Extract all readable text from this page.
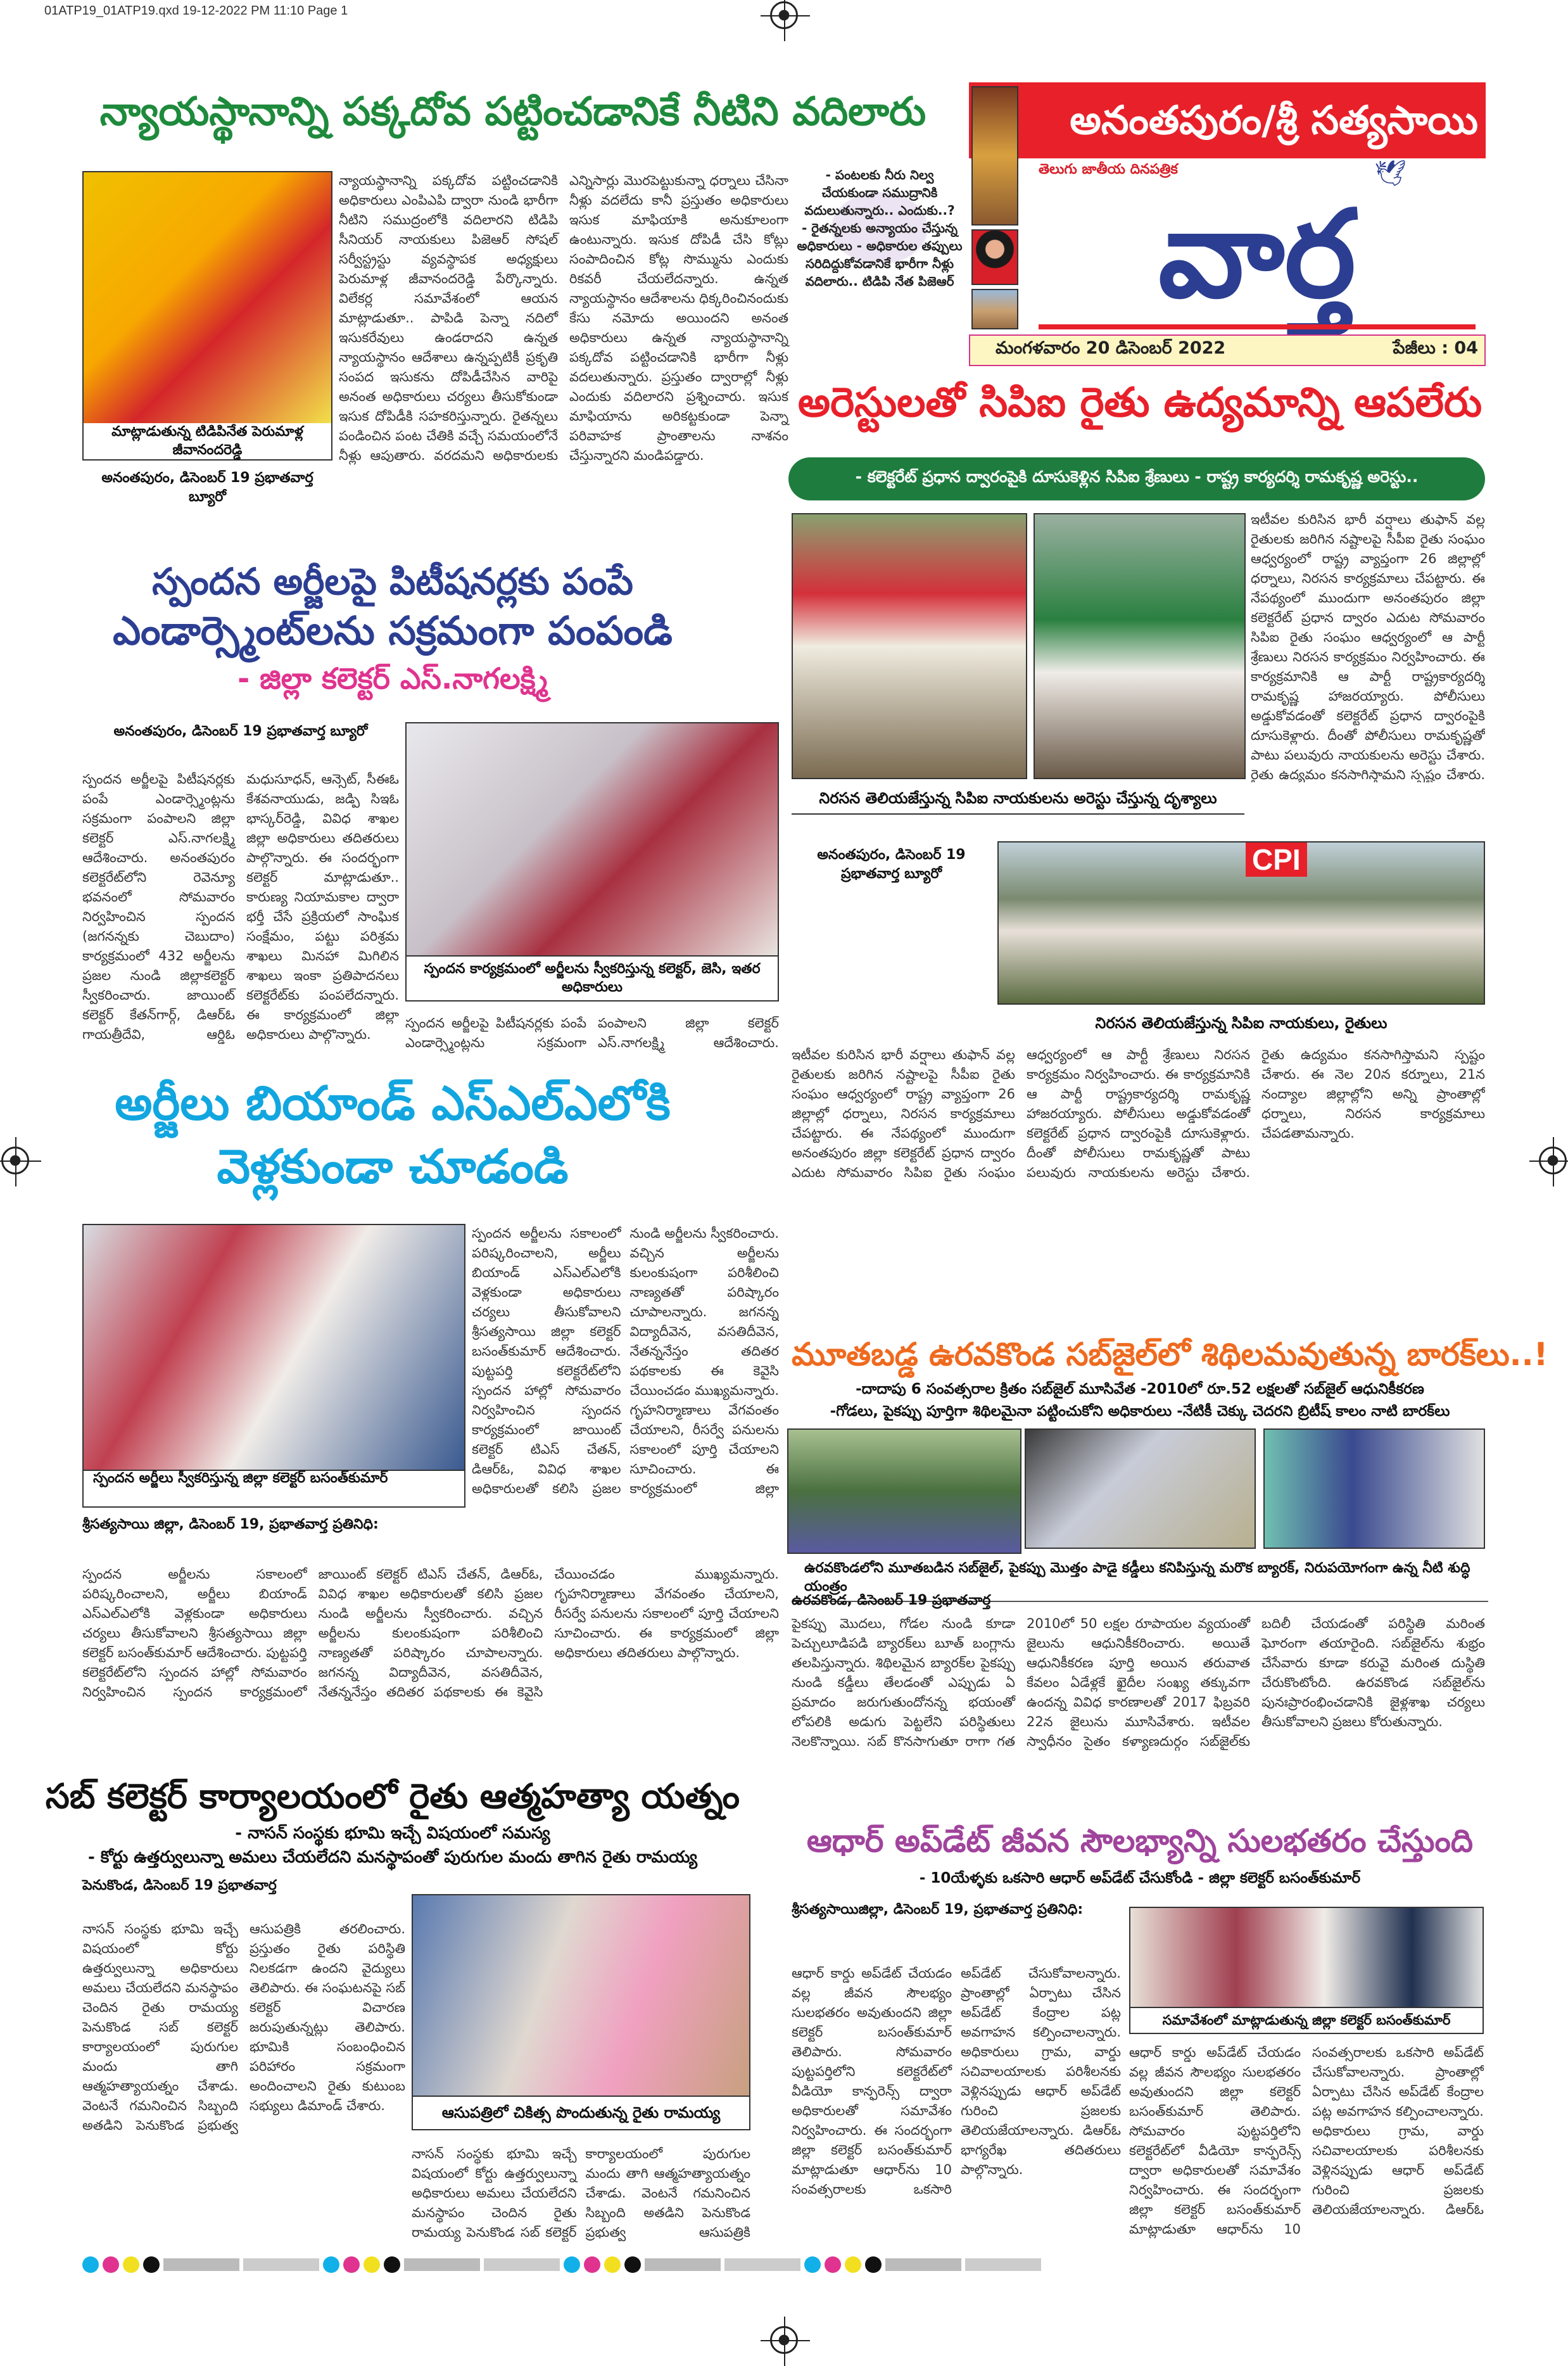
01ATP19_01ATP19.qxd 19-12-2022 PM 11:10 Page 1
అనంతపురం/శ్రీ సత్యసాయి
తెలుగు జాతీయ దినపత్రిక	🕊
వార్త
మంగళవారం 20 డిసెంబర్ 2022	పేజీలు : 04
న్యాయస్థానాన్ని పక్కదోవ పట్టించడానికే నీటిని వదిలారు
మాట్లాడుతున్న టిడిపినేత పెరుమాళ్ల జీవానందరెడ్డి
అనంతపురం, డిసెంబర్ 19 ప్రభాతవార్త బ్యూరో
న్యాయస్థానాన్ని పక్కదోవ పట్టించడానికి అధికారులు ఎంపిఎపి ద్వారా నుండి భారీగా నీటిని సముద్రంలోకి వదిలారని టిడిపి సీనియర్ నాయకులు పిజెఆర్ సోషల్ సర్వీస్ట్రస్టు వ్యవస్థాపక అధ్యక్షులు పెరుమాళ్ల జీవానందరెడ్డి పేర్కొన్నారు. విలేకర్ల సమావేశంలో ఆయన మాట్లాడుతూ.. పాపిడి పెన్నా నదిలో ఇసుకరేవులు ఉండరాదని ఉన్నత న్యాయస్థానం ఆదేశాలు ఉన్నప్పటికీ ప్రకృతి సంపద ఇసుకను దోపిడీచేసిన వారిపై అనంత అధికారులు చర్యలు తీసుకోకుండా ఇసుక దోపిడీకి సహకరిస్తున్నారు. రైతన్నలు పండించిన పంట చేతికి వచ్చే సమయంలోనే నీళ్లు ఆపుతారు. వరదమని అధికారులకు ఎన్నిసార్లు మొరపెట్టుకున్నా ధర్నాలు చేసినా నీళ్లు వదలేదు కానీ ప్రస్తుతం అధికారులు ఇసుక మాఫియాకి అనుకూలంగా ఉంటున్నారు. ఇసుక దోపిడీ చేసి కోట్లు సంపాదించిన కోట్ల సొమ్మును ఎందుకు రికవరీ చేయలేదన్నారు. ఉన్నత న్యాయస్థానం ఆదేశాలను ధిక్కరించినందుకు కేసు నమోదు అయిందని అనంత అధికారులు ఉన్నత న్యాయస్థానాన్ని పక్కదోవ పట్టించడానికి భారీగా నీళ్లు వదలుతున్నారు. ప్రస్తుతం ద్వారాల్లో నీళ్లు ఎందుకు వదిలారని ప్రశ్నించారు. ఇసుక మాఫియాను అరికట్టకుండా పెన్నా పరివాహక ప్రాంతాలను నాశనం చేస్తున్నారని మండిపడ్డారు.
- పంటలకు నీరు నిల్వ చేయకుండా సముద్రానికి వదులుతున్నారు.. ఎందుకు..?
- రైతన్నలకు అన్యాయం చేస్తున్న అధికారులు - అధికారుల తప్పులు సరిదిద్దుకోవడానికే భారీగా నీళ్లు వదిలారు.. టిడిపి నేత పిజెఆర్
అరెస్టులతో సిపిఐ రైతు ఉద్యమాన్ని ఆపలేరు
- కలెక్టరేట్ ప్రధాన ద్వారంపైకి దూసుకెళ్లిన సిపిఐ శ్రేణులు - రాష్ట్ర కార్యదర్శి రామకృష్ణ అరెస్టు..
నిరసన తెలియజేస్తున్న సిపిఐ నాయకులను అరెస్టు చేస్తున్న దృశ్యాలు
అనంతపురం, డిసెంబర్ 19 ప్రభాతవార్త బ్యూరో	CPI
నిరసన తెలియజేస్తున్న సిపిఐ నాయకులు, రైతులు
ఇటీవల కురిసిన భారీ వర్షాలు తుఫాన్ వల్ల రైతులకు జరిగిన నష్టాలపై సీపీఐ రైతు సంఘం ఆధ్వర్యంలో రాష్ట్ర వ్యాప్తంగా 26 జిల్లాల్లో ధర్నాలు, నిరసన కార్యక్రమాలు చేపట్టారు. ఈ నేపథ్యంలో ముందుగా అనంతపురం జిల్లా కలెక్టరేట్ ప్రధాన ద్వారం ఎదుట సోమవారం సిపిఐ రైతు సంఘం ఆధ్వర్యంలో ఆ పార్టీ శ్రేణులు నిరసన కార్యక్రమం నిర్వహించారు. ఈ కార్యక్రమానికి ఆ పార్టీ రాష్ట్రకార్యదర్శి రామకృష్ణ హాజరయ్యారు. పోలీసులు అడ్డుకోవడంతో కలెక్టరేట్ ప్రధాన ద్వారంపైకి దూసుకెళ్లారు. దీంతో పోలీసులు రామకృష్ణతో పాటు పలువురు నాయకులను అరెస్టు చేశారు. రైతు ఉద్యమం కనసాగిస్తామని స్పష్టం చేశారు.
ఇటీవల కురిసిన భారీ వర్షాలు తుఫాన్ వల్ల రైతులకు జరిగిన నష్టాలపై సీపీఐ రైతు సంఘం ఆధ్వర్యంలో రాష్ట్ర వ్యాప్తంగా 26 జిల్లాల్లో ధర్నాలు, నిరసన కార్యక్రమాలు చేపట్టారు. ఈ నేపథ్యంలో ముందుగా అనంతపురం జిల్లా కలెక్టరేట్ ప్రధాన ద్వారం ఎదుట సోమవారం సిపిఐ రైతు సంఘం ఆధ్వర్యంలో ఆ పార్టీ శ్రేణులు నిరసన కార్యక్రమం నిర్వహించారు. ఈ కార్యక్రమానికి ఆ పార్టీ రాష్ట్రకార్యదర్శి రామకృష్ణ హాజరయ్యారు. పోలీసులు అడ్డుకోవడంతో కలెక్టరేట్ ప్రధాన ద్వారంపైకి దూసుకెళ్లారు. దీంతో పోలీసులు రామకృష్ణతో పాటు పలువురు నాయకులను అరెస్టు చేశారు. రైతు ఉద్యమం కనసాగిస్తామని స్పష్టం చేశారు. ఈ నెల 20న కర్నూలు, 21న నంద్యాల జిల్లాల్లోని అన్ని ప్రాంతాల్లో ధర్నాలు, నిరసన కార్యక్రమాలు చేపడతామన్నారు.
స్పందన అర్జీలపై పిటీషనర్లకు పంపే
ఎండార్స్మెంట్‌లను సక్రమంగా పంపండి
- జిల్లా కలెక్టర్ ఎస్.నాగలక్ష్మి
అనంతపురం, డిసెంబర్ 19 ప్రభాతవార్త బ్యూరో
స్పందన కార్యక్రమంలో అర్జీలను స్వీకరిస్తున్న కలెక్టర్, జెసి, ఇతర అధికారులు
స్పందన అర్జీలపై పిటీషనర్లకు పంపే ఎండార్స్మెంట్లను సక్రమంగా పంపాలని జిల్లా కలెక్టర్ ఎస్.నాగలక్ష్మి ఆదేశించారు. అనంతపురం కలెక్టరేట్‌లోని రెవెన్యూ భవనంలో సోమవారం నిర్వహించిన స్పందన (జగనన్నకు చెబుదాం) కార్యక్రమంలో 432 అర్జీలను ప్రజల నుండి జిల్లాకలెక్టర్ స్వీకరించారు. జాయింట్ కలెక్టర్ కేతన్‌గార్గ్, డిఆర్ఓ గాయత్రీదేవి, ఆర్డిఓ మధుసూధన్, ఆన్సెట్, సీఈఓ కేశవనాయుడు, జడ్పి సిఇఓ భాస్కర్‌రెడ్డి, వివిధ శాఖల జిల్లా అధికారులు తదితరులు పాల్గొన్నారు. ఈ సందర్భంగా కలెక్టర్ మాట్లాడుతూ.. కారుణ్య నియామకాల ద్వారా భర్తీ చేసే ప్రక్రియలో సాంఘిక సంక్షేమం, పట్టు పరిశ్రమ శాఖలు మినహా మిగిలిన శాఖలు ఇంకా ప్రతిపాదనలు కలెక్టరేట్‌కు పంపలేదన్నారు. ఈ కార్యక్రమంలో జిల్లా అధికారులు పాల్గొన్నారు.
స్పందన అర్జీలపై పిటీషనర్లకు పంపే ఎండార్స్మెంట్లను సక్రమంగా పంపాలని జిల్లా కలెక్టర్ ఎస్.నాగలక్ష్మి ఆదేశించారు.
అర్జీలు బియాండ్ ఎస్ఎల్ఎలోకి
వెళ్లకుండా చూడండి
స్పందన అర్జీలు స్వీకరిస్తున్న జిల్లా కలెక్టర్ బసంత్‌కుమార్
శ్రీసత్యసాయి జిల్లా, డిసెంబర్ 19, ప్రభాతవార్త ప్రతినిధి:
స్పందన అర్జీలను సకాలంలో పరిష్కరించాలని, అర్జీలు బియాండ్ ఎస్ఎల్ఎలోకి వెళ్లకుండా అధికారులు చర్యలు తీసుకోవాలని శ్రీసత్యసాయి జిల్లా కలెక్టర్ బసంత్‌కుమార్ ఆదేశించారు. పుట్టపర్తి కలెక్టరేట్‌లోని స్పందన హాల్లో సోమవారం నిర్వహించిన స్పందన కార్యక్రమంలో జాయింట్ కలెక్టర్ టిఎస్ చేతన్, డిఆర్ఓ, వివిధ శాఖల అధికారులతో కలిసి ప్రజల నుండి అర్జీలను స్వీకరించారు. వచ్చిన అర్జీలను కులంకుషంగా పరిశీలించి నాణ్యతతో పరిష్కారం చూపాలన్నారు. జగనన్న విద్యాదీవెన, వసతిదీవెన, నేతన్ననేస్తం తదితర పథకాలకు ఈ కెవైసి చేయించడం ముఖ్యమన్నారు. గృహనిర్మాణాలు వేగవంతం చేయాలని, రీసర్వే పనులను సకాలంలో పూర్తి చేయాలని సూచించారు. ఈ కార్యక్రమంలో జిల్లా
స్పందన అర్జీలను సకాలంలో పరిష్కరించాలని, అర్జీలు బియాండ్ ఎస్ఎల్ఎలోకి వెళ్లకుండా అధికారులు చర్యలు తీసుకోవాలని శ్రీసత్యసాయి జిల్లా కలెక్టర్ బసంత్‌కుమార్ ఆదేశించారు. పుట్టపర్తి కలెక్టరేట్‌లోని స్పందన హాల్లో సోమవారం నిర్వహించిన స్పందన కార్యక్రమంలో జాయింట్ కలెక్టర్ టిఎస్ చేతన్, డిఆర్ఓ, వివిధ శాఖల అధికారులతో కలిసి ప్రజల నుండి అర్జీలను స్వీకరించారు. వచ్చిన అర్జీలను కులంకుషంగా పరిశీలించి నాణ్యతతో పరిష్కారం చూపాలన్నారు. జగనన్న విద్యాదీవెన, వసతిదీవెన, నేతన్ననేస్తం తదితర పథకాలకు ఈ కెవైసి చేయించడం ముఖ్యమన్నారు. గృహనిర్మాణాలు వేగవంతం చేయాలని, రీసర్వే పనులను సకాలంలో పూర్తి చేయాలని సూచించారు. ఈ కార్యక్రమంలో జిల్లా అధికారులు తదితరులు పాల్గొన్నారు.
సబ్ కలెక్టర్ కార్యాలయంలో రైతు ఆత్మహత్యా యత్నం
- నాసన్ సంస్థకు భూమి ఇచ్చే విషయంలో సమస్య
- కోర్టు ఉత్తర్వులున్నా అమలు చేయలేదని మనస్థాపంతో పురుగుల మందు తాగిన రైతు రామయ్య
పెనుకొండ, డిసెంబర్ 19 ప్రభాతవార్త
ఆసుపత్రిలో చికిత్స పొందుతున్న రైతు రామయ్య
నాసన్ సంస్థకు భూమి ఇచ్చే విషయంలో కోర్టు ఉత్తర్వులున్నా అధికారులు అమలు చేయలేదని మనస్థాపం చెందిన రైతు రామయ్య పెనుకొండ సబ్ కలెక్టర్ కార్యాలయంలో పురుగుల మందు తాగి ఆత్మహత్యాయత్నం చేశాడు. వెంటనే గమనించిన సిబ్బంది అతడిని పెనుకొండ ప్రభుత్వ ఆసుపత్రికి తరలించారు. ప్రస్తుతం రైతు పరిస్థితి నిలకడగా ఉందని వైద్యులు తెలిపారు. ఈ సంఘటనపై సబ్ కలెక్టర్ విచారణ జరుపుతున్నట్లు తెలిపారు. భూమికి సంబంధించిన పరిహారం సక్రమంగా అందించాలని రైతు కుటుంబ సభ్యులు డిమాండ్ చేశారు.
నాసన్ సంస్థకు భూమి ఇచ్చే విషయంలో కోర్టు ఉత్తర్వులున్నా అధికారులు అమలు చేయలేదని మనస్థాపం చెందిన రైతు రామయ్య పెనుకొండ సబ్ కలెక్టర్ కార్యాలయంలో పురుగుల మందు తాగి ఆత్మహత్యాయత్నం చేశాడు. వెంటనే గమనించిన సిబ్బంది అతడిని పెనుకొండ ప్రభుత్వ ఆసుపత్రికి
మూతబడ్డ ఉరవకొండ సబ్‌జైల్‌లో శిథిలమవుతున్న బారక్‌లు..!
-దాదాపు 6 సంవత్సరాల క్రితం సబ్‌జైల్ మూసివేత -2010లో రూ.52 లక్షలతో సబ్‌జైల్ ఆధునికీకరణ
-గోడలు, పైకప్పు పూర్తిగా శిథిలమైనా పట్టించుకోని అధికారులు -నేటికీ చెక్కు చెదరని బ్రిటీష్ కాలం నాటి బారక్‌లు
ఉరవకొండలోని మూతబడిన సబ్‌జైల్, పైకప్పు మొత్తం పాడై కడ్డీలు కనిపిస్తున్న మరొక బ్యారక్, నిరుపయోగంగా ఉన్న నీటి శుద్ధి యంత్రం
ఉరవకొండ, డిసెంబర్ 19 ప్రభాతవార్త
పైకప్పు మొదలు, గోడల నుండి కూడా పెచ్చులూడిపడి బ్యారక్‌లు బూత్ బంగ్లాను తలపిస్తున్నారు. శిథిలమైన బ్యారక్‌ల పైకప్పు నుండి కడ్డీలు తేలడంతో ఎప్పుడు ఏ ప్రమాదం జరుగుతుందోనన్న భయంతో లోపలికి అడుగు పెట్టలేని పరిస్థితులు నెలకొన్నాయి. సబ్ కొనసాగుతూ రాగా గత 2010లో 50 లక్షల రూపాయల వ్యయంతో జైలును ఆధునికీకరించారు. అయితే ఆధునికీకరణ పూర్తి అయిన తరువాత కేవలం ఏడేళ్లకే ఖైదీల సంఖ్య తక్కువగా ఉందన్న వివిధ కారణాలతో 2017 ఫిబ్రవరి 22న జైలును మూసివేశారు. ఇటీవల స్వాధీనం సైతం కళ్యాణదుర్గం సబ్‌జైల్‌కు బదిలీ చేయడంతో పరిస్థితి మరింత ఘోరంగా తయారైంది. సబ్‌జైల్‌ను శుభ్రం చేసేవారు కూడా కరువై మరింత దుస్థితి చేరుకొంటోంది. ఉరవకొండ సబ్‌జైల్‌ను పునఃప్రారంభించడానికి జైళ్లశాఖ చర్యలు తీసుకోవాలని ప్రజలు కోరుతున్నారు.
ఆధార్ అప్‌డేట్ జీవన సౌలభ్యాన్ని సులభతరం చేస్తుంది
- 10యేళ్ళకు ఒకసారి ఆధార్ అప్‌డేట్ చేసుకోండి - జిల్లా కలెక్టర్ బసంత్‌కుమార్
శ్రీసత్యసాయిజిల్లా, డిసెంబర్ 19, ప్రభాతవార్త ప్రతినిధి:
సమావేశంలో మాట్లాడుతున్న జిల్లా కలెక్టర్ బసంత్‌కుమార్
ఆధార్ కార్డు అప్‌డేట్ చేయడం వల్ల జీవన సౌలభ్యం సులభతరం అవుతుందని జిల్లా కలెక్టర్ బసంత్‌కుమార్ తెలిపారు. సోమవారం పుట్టపర్తిలోని కలెక్టరేట్‌లో వీడియో కాన్ఫరెన్స్ ద్వారా అధికారులతో సమావేశం నిర్వహించారు. ఈ సందర్భంగా జిల్లా కలెక్టర్ బసంత్‌కుమార్ మాట్లాడుతూ ఆధార్‌ను 10 సంవత్సరాలకు ఒకసారి అప్‌డేట్ చేసుకోవాలన్నారు. ప్రాంతాల్లో ఏర్పాటు చేసిన అప్‌డేట్ కేంద్రాల పట్ల అవగాహన కల్పించాలన్నారు. అధికారులు గ్రామ, వార్డు సచివాలయాలకు పరిశీలనకు వెళ్లినప్పుడు ఆధార్ అప్‌డేట్ గురించి ప్రజలకు తెలియజేయాలన్నారు. డిఆర్ఓ భాగ్యరేఖ తదితరులు పాల్గొన్నారు.
ఆధార్ కార్డు అప్‌డేట్ చేయడం వల్ల జీవన సౌలభ్యం సులభతరం అవుతుందని జిల్లా కలెక్టర్ బసంత్‌కుమార్ తెలిపారు. సోమవారం పుట్టపర్తిలోని కలెక్టరేట్‌లో వీడియో కాన్ఫరెన్స్ ద్వారా అధికారులతో సమావేశం నిర్వహించారు. ఈ సందర్భంగా జిల్లా కలెక్టర్ బసంత్‌కుమార్ మాట్లాడుతూ ఆధార్‌ను 10 సంవత్సరాలకు ఒకసారి అప్‌డేట్ చేసుకోవాలన్నారు. ప్రాంతాల్లో ఏర్పాటు చేసిన అప్‌డేట్ కేంద్రాల పట్ల అవగాహన కల్పించాలన్నారు. అధికారులు గ్రామ, వార్డు సచివాలయాలకు పరిశీలనకు వెళ్లినప్పుడు ఆధార్ అప్‌డేట్ గురించి ప్రజలకు తెలియజేయాలన్నారు. డిఆర్ఓ
